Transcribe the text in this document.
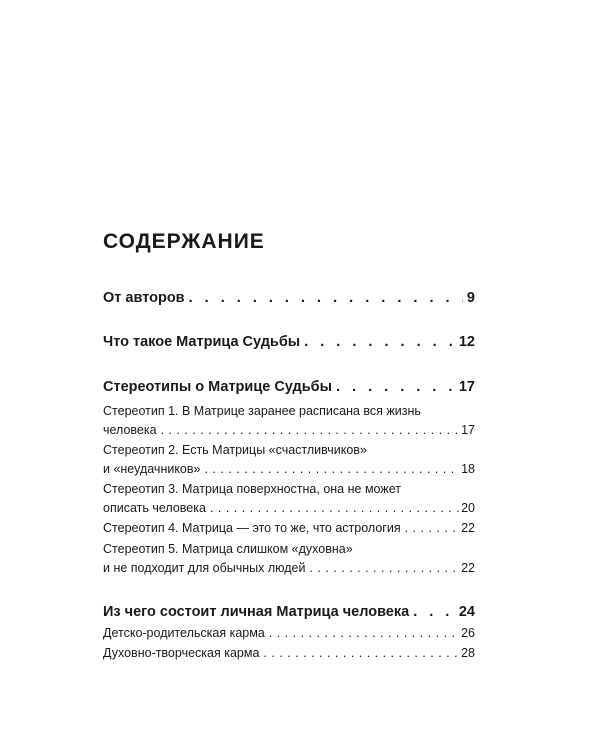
СОДЕРЖАНИЕ
От авторов . . .	9
Что такое Матрица Судьбы . . .	12
Стереотипы о Матрице Судьбы . . .	17
Стереотип 1. В Матрице заранее расписана вся жизнь
человека . . .	17
Стереотип 2. Есть Матрицы «счастливчиков»
и «неудачников» . . .	18
Стереотип 3. Матрица поверхностна, она не может
описать человека . . .	20
Стереотип 4. Матрица — это то же, что астрология . . .	22
Стереотип 5. Матрица слишком «духовна»
и не подходит для обычных людей . . .	22
Из чего состоит личная Матрица человека . . .	24
Детско-родительская карма . . .	26
Духовно-творческая карма . . .	28
